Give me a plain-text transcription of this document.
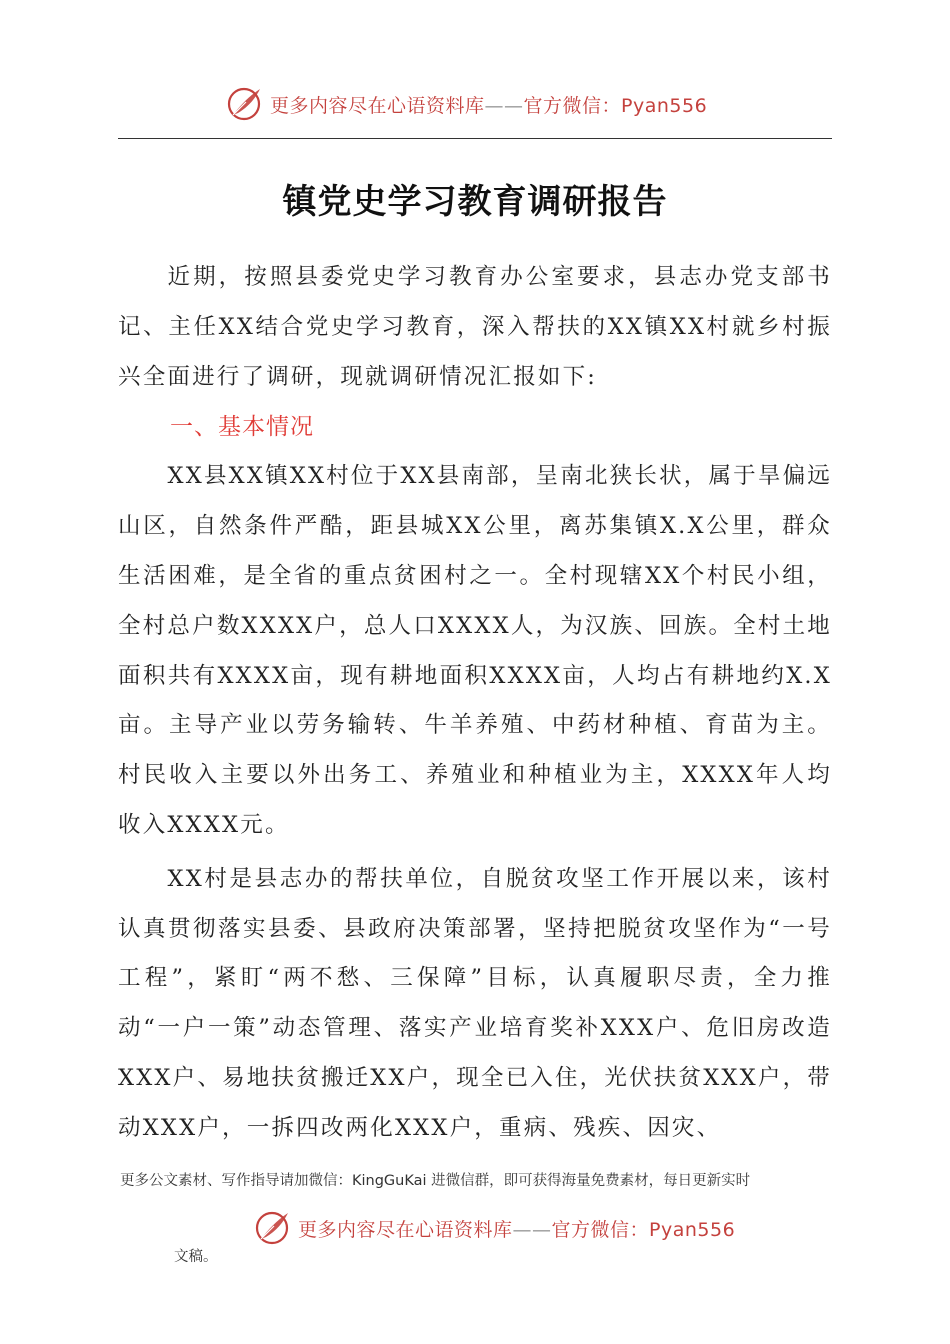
更多内容尽在心语资料库——官方微信：Pyan556
镇党史学习教育调研报告

近期，按照县委党史学习教育办公室要求，县志办党支部书记、主任XX结合党史学习教育，深入帮扶的XX镇XX村就乡村振兴全面进行了调研，现就调研情况汇报如下:

一、基本情况

XX县XX镇XX村位于XX县南部，呈南北狭长状，属于旱偏远山区，自然条件严酷，距县城XX公里，离苏集镇X.X公里，群众生活困难，是全省的重点贫困村之一。全村现辖XX个村民小组，全村总户数XXXX户，总人口XXXX人，为汉族、回族。全村土地面积共有XXXX亩，现有耕地面积XXXX亩，人均占有耕地约X.X亩。主导产业以劳务输转、牛羊养殖、中药材种植、育苗为主。村民收入主要以外出务工、养殖业和种植业为主，XXXX年人均收入XXXX元。

XX村是县志办的帮扶单位，自脱贫攻坚工作开展以来，该村认真贯彻落实县委、县政府决策部署，坚持把脱贫攻坚作为“一号工程”，紧盯“两不愁、三保障”目标，认真履职尽责，全力推动“一户一策”动态管理、落实产业培育奖补XXX户、危旧房改造XXX户、易地扶贫搬迁XX户，现全已入住，光伏扶贫XXX户，带动XXX户，一拆四改两化XXX户，重病、残疾、因灾、

更多公文素材、写作指导请加微信：KingGuKai 进微信群，即可获得海量免费素材，每日更新实时
更多内容尽在心语资料库——官方微信：Pyan556
文稿。
